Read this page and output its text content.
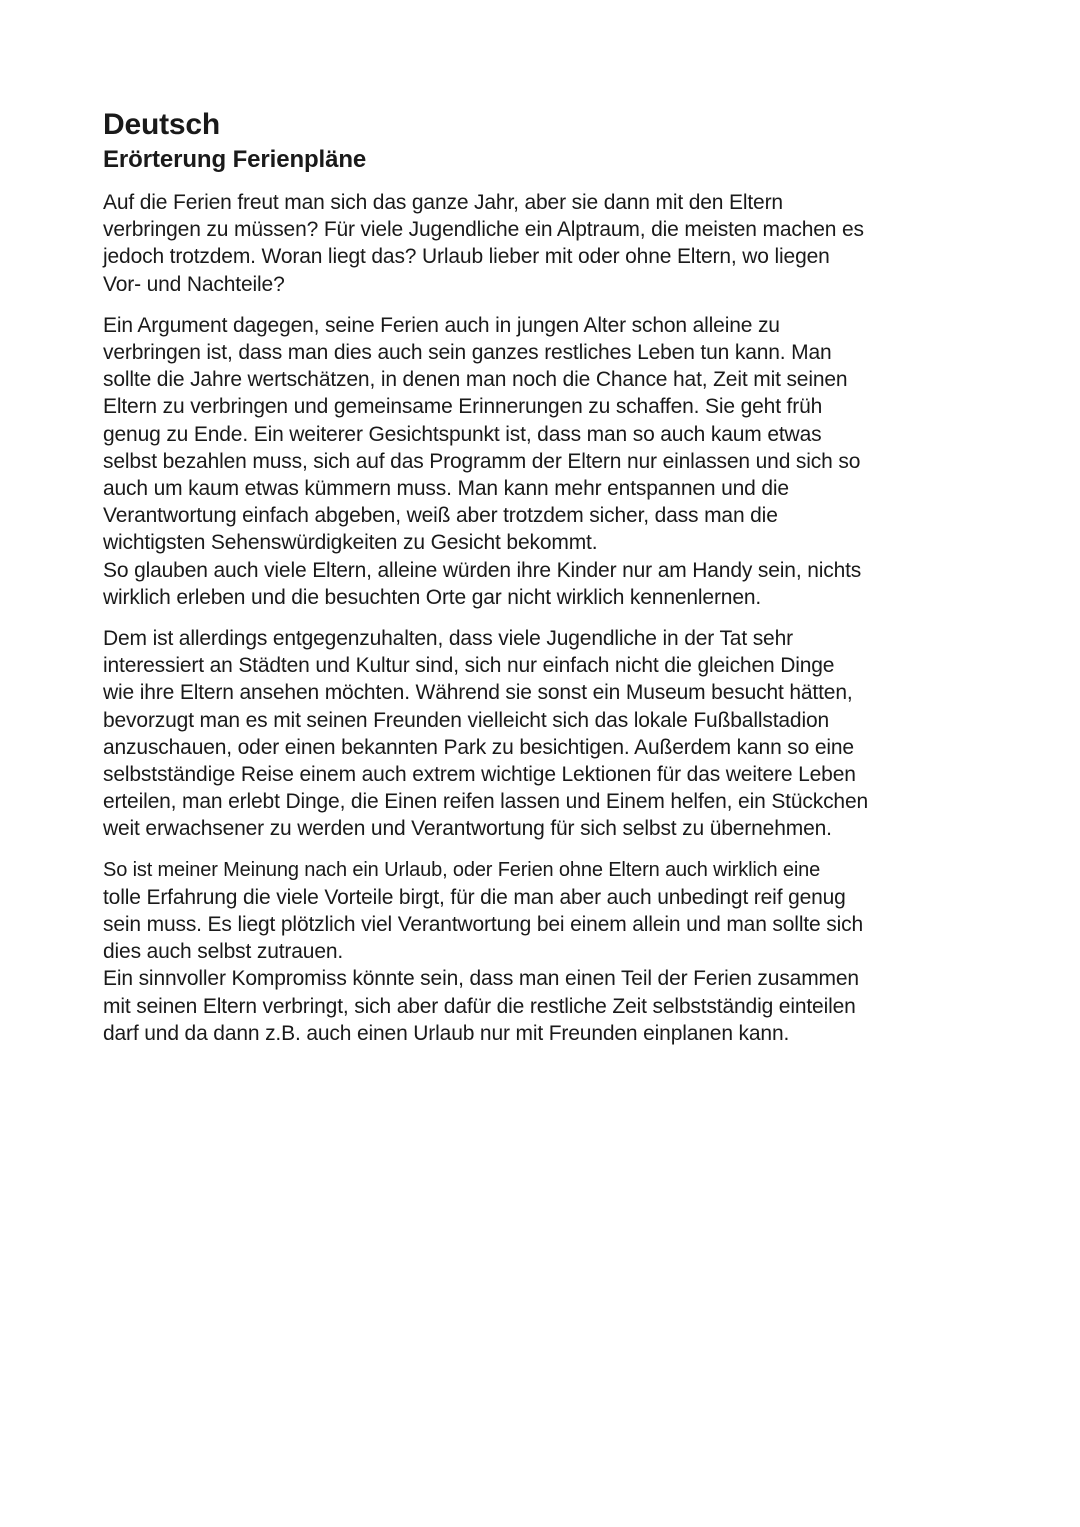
Deutsch
Erörterung Ferienpläne

Auf die Ferien freut man sich das ganze Jahr, aber sie dann mit den Eltern
verbringen zu müssen? Für viele Jugendliche ein Alptraum, die meisten machen es
jedoch trotzdem. Woran liegt das? Urlaub lieber mit oder ohne Eltern, wo liegen
Vor- und Nachteile?

Ein Argument dagegen, seine Ferien auch in jungen Alter schon alleine zu
verbringen ist, dass man dies auch sein ganzes restliches Leben tun kann. Man
sollte die Jahre wertschätzen, in denen man noch die Chance hat, Zeit mit seinen
Eltern zu verbringen und gemeinsame Erinnerungen zu schaffen. Sie geht früh
genug zu Ende. Ein weiterer Gesichtspunkt ist, dass man so auch kaum etwas
selbst bezahlen muss, sich auf das Programm der Eltern nur einlassen und sich so
auch um kaum etwas kümmern muss. Man kann mehr entspannen und die
Verantwortung einfach abgeben, weiß aber trotzdem sicher, dass man die
wichtigsten Sehenswürdigkeiten zu Gesicht bekommt.
So glauben auch viele Eltern, alleine würden ihre Kinder nur am Handy sein, nichts
wirklich erleben und die besuchten Orte gar nicht wirklich kennenlernen.

Dem ist allerdings entgegenzuhalten, dass viele Jugendliche in der Tat sehr
interessiert an Städten und Kultur sind, sich nur einfach nicht die gleichen Dinge
wie ihre Eltern ansehen möchten. Während sie sonst ein Museum besucht hätten,
bevorzugt man es mit seinen Freunden vielleicht sich das lokale Fußballstadion
anzuschauen, oder einen bekannten Park zu besichtigen. Außerdem kann so eine
selbstständige Reise einem auch extrem wichtige Lektionen für das weitere Leben
erteilen, man erlebt Dinge, die Einen reifen lassen und Einem helfen, ein Stückchen
weit erwachsener zu werden und Verantwortung für sich selbst zu übernehmen.

So ist meiner Meinung nach ein Urlaub, oder Ferien ohne Eltern auch wirklich eine
tolle Erfahrung die viele Vorteile birgt, für die man aber auch unbedingt reif genug
sein muss. Es liegt plötzlich viel Verantwortung bei einem allein und man sollte sich
dies auch selbst zutrauen.
Ein sinnvoller Kompromiss könnte sein, dass man einen Teil der Ferien zusammen
mit seinen Eltern verbringt, sich aber dafür die restliche Zeit selbstständig einteilen
darf und da dann z.B. auch einen Urlaub nur mit Freunden einplanen kann.
